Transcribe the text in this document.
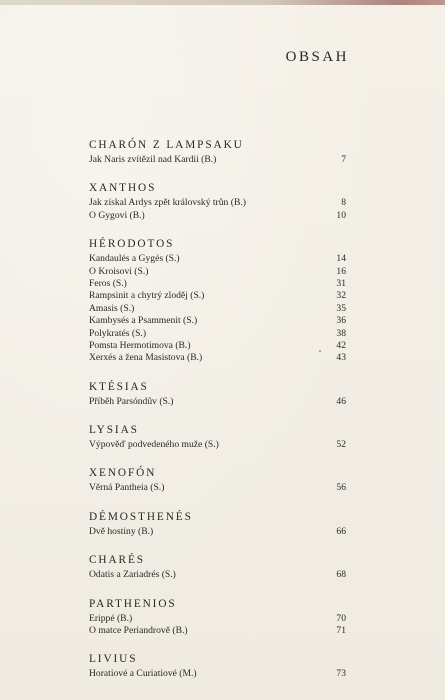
OBSAH
CHARÓN Z LAMPSAKU
Jak Naris zvítězil nad Kardii (B.)	7
XANTHOS
Jak získal Ardys zpět královský trůn (B.)	8
O Gygovi (B.)	10
HÉRODOTOS
Kandaulés a Gygés (S.)	14
O Kroisovi (S.)	16
Feros (S.)	31
Rampsinit a chytrý zloděj (S.)	32
Amasis (S.)	35
Kambysés a Psammenit (S.)	36
Polykratés (S.)	38
Pomsta Hermotimova (B.)	42
Xerxés a žena Masistova (B.)	43
KTÉSIAS
Příběh Parsóndův (S.)	46
LYSIAS
Výpověď podvedeného muže (S.)	52
XENOFÓN
Věrná Pantheia (S.)	56
DÉMOSTHENÉS
Dvě hostiny (B.)	66
CHARÉS
Odatis a Zariadrés (S.)	68
PARTHENIOS
Erippé (B.)	70
O matce Periandrově (B.)	71
LIVIUS
Horatiové a Curiatiové (M.)	73
